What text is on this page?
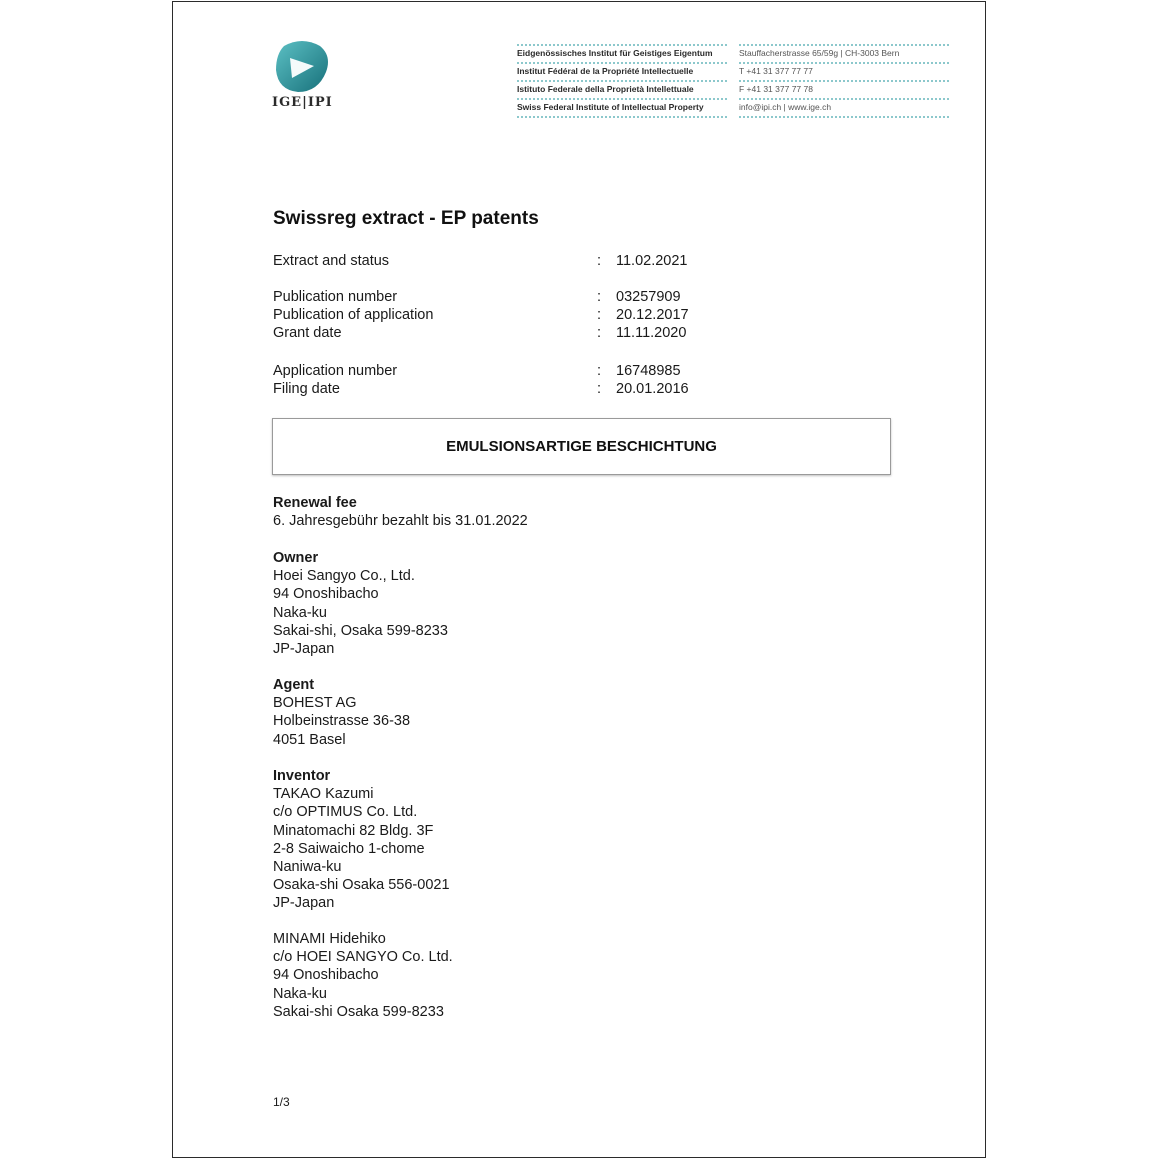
IGE|IPI
Eidgenössisches Institut für Geistiges Eigentum
Institut Fédéral de la Propriété Intellectuelle
Istituto Federale della Proprietà Intellettuale
Swiss Federal Institute of Intellectual Property
Stauffacherstrasse 65/59g | CH-3003 Bern
T +41 31 377 77 77
F +41 31 377 77 78
info@ipi.ch | www.ige.ch
Swissreg extract - EP patents
Extract and status	: 11.02.2021
Publication number	: 03257909
Publication of application	: 20.12.2017
Grant date	: 11.11.2020
Application number	: 16748985
Filing date	: 20.01.2016
EMULSIONSARTIGE BESCHICHTUNG
Renewal fee
6. Jahresgebühr bezahlt bis 31.01.2022
Owner
Hoei Sangyo Co., Ltd.
94 Onoshibacho
Naka-ku
Sakai-shi, Osaka 599-8233
JP-Japan
Agent
BOHEST AG
Holbeinstrasse 36-38
4051 Basel
Inventor
TAKAO Kazumi
c/o OPTIMUS Co. Ltd.
Minatomachi 82 Bldg. 3F
2-8 Saiwaicho 1-chome
Naniwa-ku
Osaka-shi Osaka 556-0021
JP-Japan
MINAMI Hidehiko
c/o HOEI SANGYO Co. Ltd.
94 Onoshibacho
Naka-ku
Sakai-shi Osaka 599-8233
1/3
